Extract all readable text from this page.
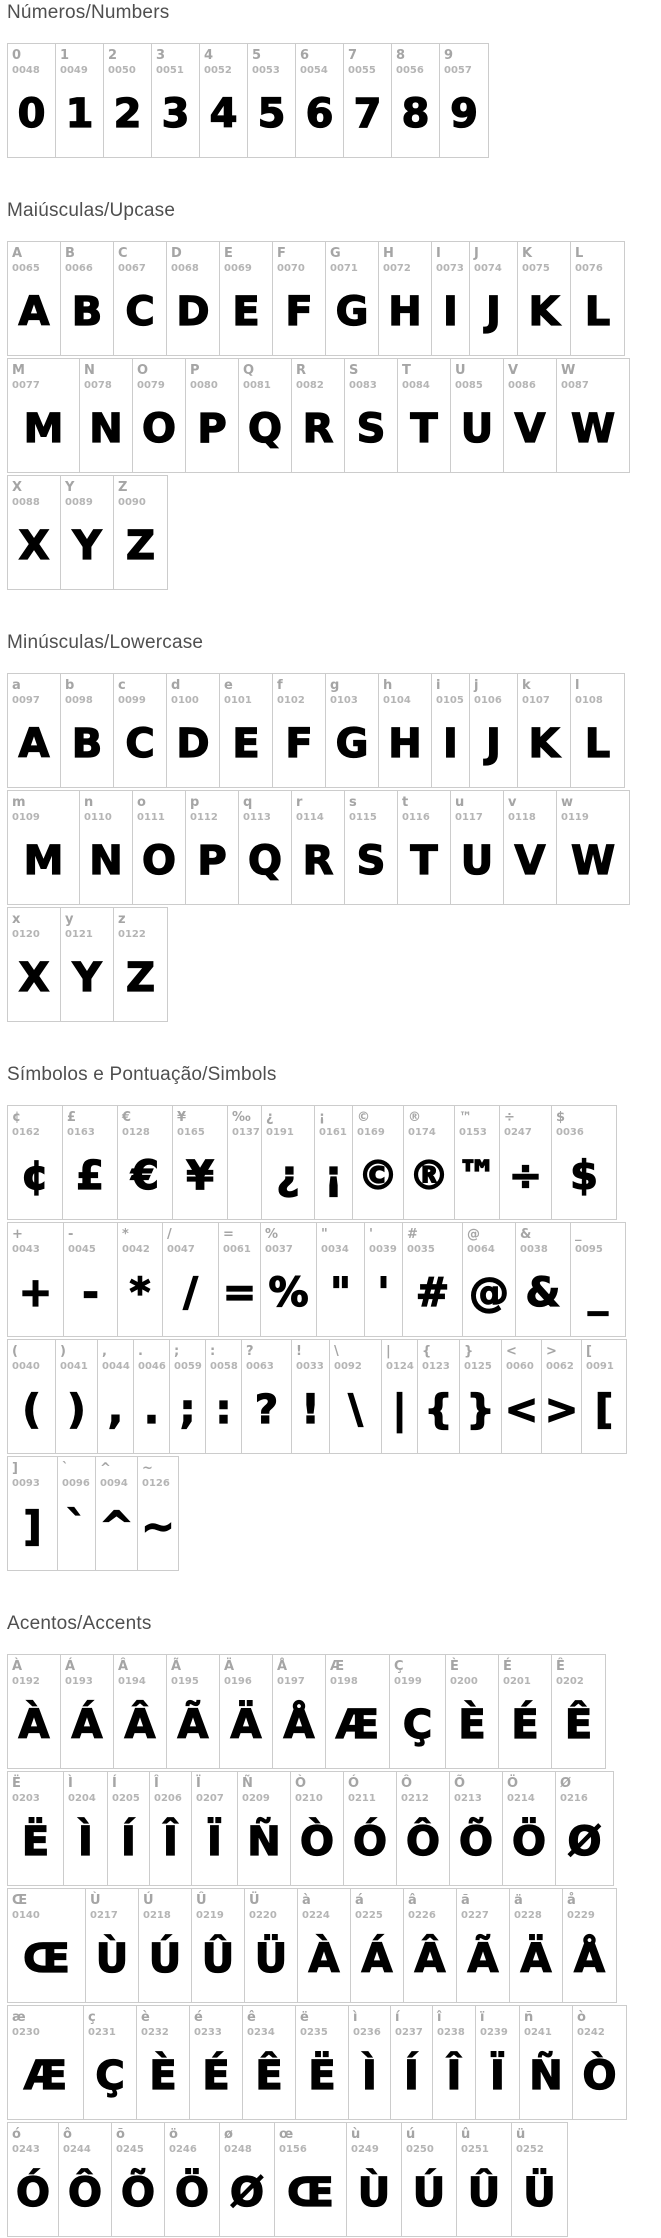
Números/Numbers
0
0048
0
1
0049
1
2
0050
2
3
0051
3
4
0052
4
5
0053
5
6
0054
6
7
0055
7
8
0056
8
9
0057
9
Maiúsculas/Upcase
A
0065
A
B
0066
B
C
0067
C
D
0068
D
E
0069
E
F
0070
F
G
0071
G
H
0072
H
I
0073
I
J
0074
J
K
0075
K
L
0076
L
M
0077
M
N
0078
N
O
0079
O
P
0080
P
Q
0081
Q
R
0082
R
S
0083
S
T
0084
T
U
0085
U
V
0086
V
W
0087
W
X
0088
X
Y
0089
Y
Z
0090
Z
Minúsculas/Lowercase
a
0097
A
b
0098
B
c
0099
C
d
0100
D
e
0101
E
f
0102
F
g
0103
G
h
0104
H
i
0105
I
j
0106
J
k
0107
K
l
0108
L
m
0109
M
n
0110
N
o
0111
O
p
0112
P
q
0113
Q
r
0114
R
s
0115
S
t
0116
T
u
0117
U
v
0118
V
w
0119
W
x
0120
X
y
0121
Y
z
0122
Z
Símbolos e Pontuação/Simbols
¢
0162
¢
£
0163
£
€
0128
€
¥
0165
¥
‰
0137
¿
0191
¿
¡
0161
¡
©
0169
©
®
0174
®
™
0153
™
÷
0247
÷
$
0036
$
+
0043
+
-
0045
-
*
0042
*
/
0047
/
=
0061
=
%
0037
%
"
0034
"
'
0039
'
#
0035
#
@
0064
@
&
0038
&
_
0095
_
(
0040
(
)
0041
)
,
0044
,
.
0046
.
;
0059
;
:
0058
:
?
0063
?
!
0033
!
\
0092
\
|
0124
|
{
0123
{
}
0125
}
<
0060
<
>
0062
>
[
0091
[
]
0093
]
`
0096
`
^
0094
^
~
0126
~
Acentos/Accents
À
0192
À
Á
0193
Á
Â
0194
Â
Ã
0195
Ã
Ä
0196
Ä
Å
0197
Å
Æ
0198
Æ
Ç
0199
Ç
È
0200
È
É
0201
É
Ê
0202
Ê
Ë
0203
Ë
Ì
0204
Ì
Í
0205
Í
Î
0206
Î
Ï
0207
Ï
Ñ
0209
Ñ
Ò
0210
Ò
Ó
0211
Ó
Ô
0212
Ô
Õ
0213
Õ
Ö
0214
Ö
Ø
0216
Ø
Œ
0140
Œ
Ù
0217
Ù
Ú
0218
Ú
Û
0219
Û
Ü
0220
Ü
à
0224
À
á
0225
Á
â
0226
Â
ã
0227
Ã
ä
0228
Ä
å
0229
Å
æ
0230
Æ
ç
0231
Ç
è
0232
È
é
0233
É
ê
0234
Ê
ë
0235
Ë
ì
0236
Ì
í
0237
Í
î
0238
Î
ï
0239
Ï
ñ
0241
Ñ
ò
0242
Ò
ó
0243
Ó
ô
0244
Ô
õ
0245
Õ
ö
0246
Ö
ø
0248
Ø
œ
0156
Œ
ù
0249
Ù
ú
0250
Ú
û
0251
Û
ü
0252
Ü
